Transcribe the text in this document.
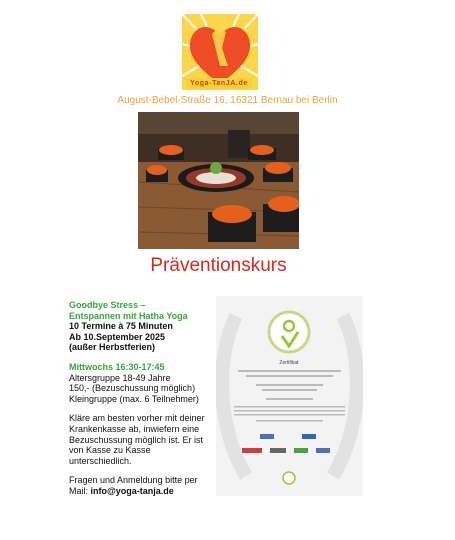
Yoga-TanJA.de
August-Bebel-Straße 16, 16321 Bernau bei Berlin
Präventionskurs

Goodbye Stress –

Entspannen mit Hatha Yoga

10 Termine à 75 Minuten

Ab 10.September 2025

(außer Herbstferien)

Mittwochs 16:30-17:45

Altersgruppe 18-49 Jahre

150,- (Bezuschussung möglich)

Kleingruppe (max. 6 Teilnehmer)

Kläre am besten vorher mit deiner

Krankenkasse ab, inwiefern eine

Bezuschussung möglich ist. Er ist

von Kasse zu Kasse

unterschiedlich.

Fragen und Anmeldung bitte per

Mail: info@yoga-tanja.de

Zertifikat
